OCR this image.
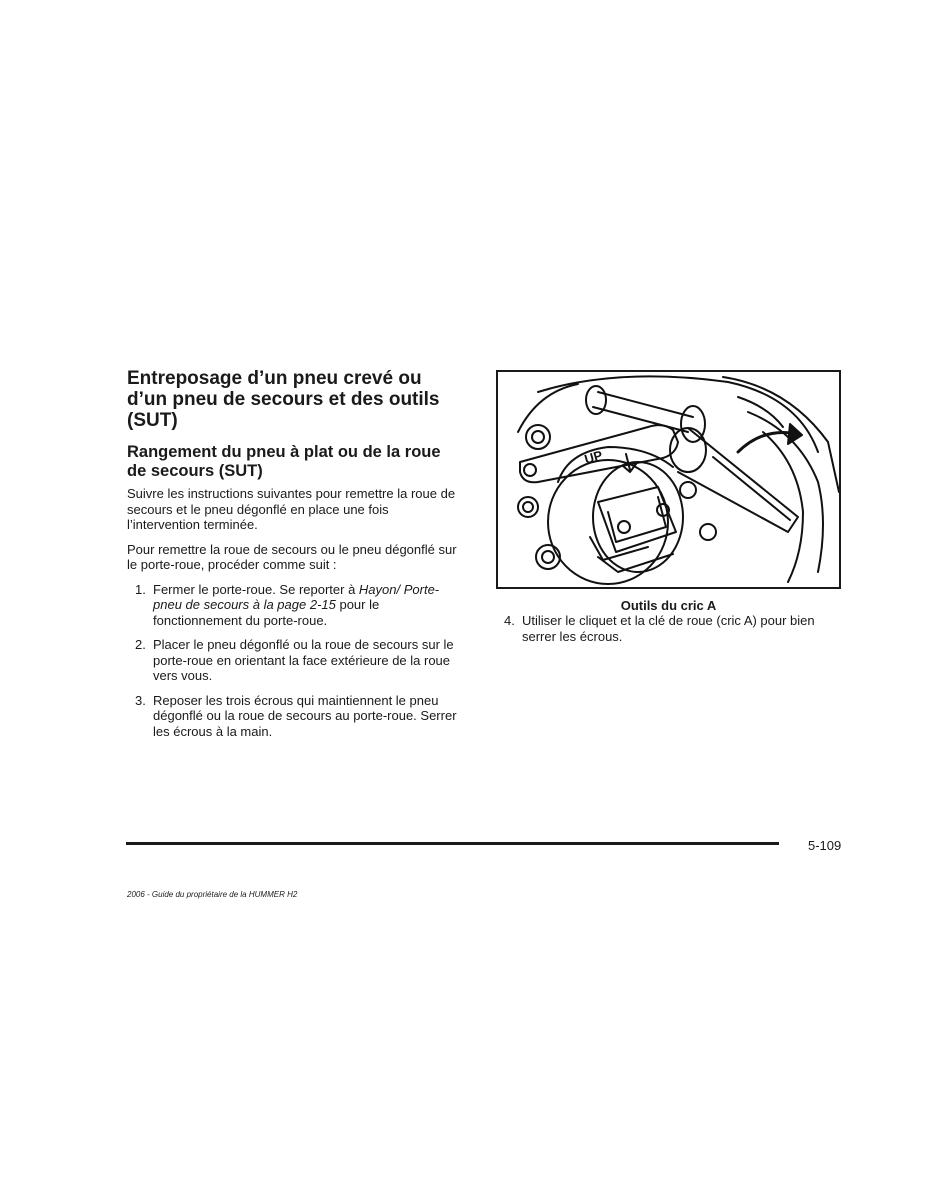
Entreposage d’un pneu crevé ou d’un pneu de secours et des outils (SUT)
Rangement du pneu à plat ou de la roue de secours (SUT)

Suivre les instructions suivantes pour remettre la roue de secours et le pneu dégonflé en place une fois l’intervention terminée.

Pour remettre la roue de secours ou le pneu dégonflé sur le porte-roue, procéder comme suit :

1. Fermer le porte-roue. Se reporter à Hayon/ Porte-pneu de secours à la page 2-15 pour le fonctionnement du porte-roue.
2. Placer le pneu dégonflé ou la roue de secours sur le porte-roue en orientant la face extérieure de la roue vers vous.
3. Reposer les trois écrous qui maintiennent le pneu dégonflé ou la roue de secours au porte-roue. Serrer les écrous à la main.
UP
Outils du cric A
4. Utiliser le cliquet et la clé de roue (cric A) pour bien serrer les écrous.
5-109
2006 - Guide du propriétaire de la HUMMER H2
